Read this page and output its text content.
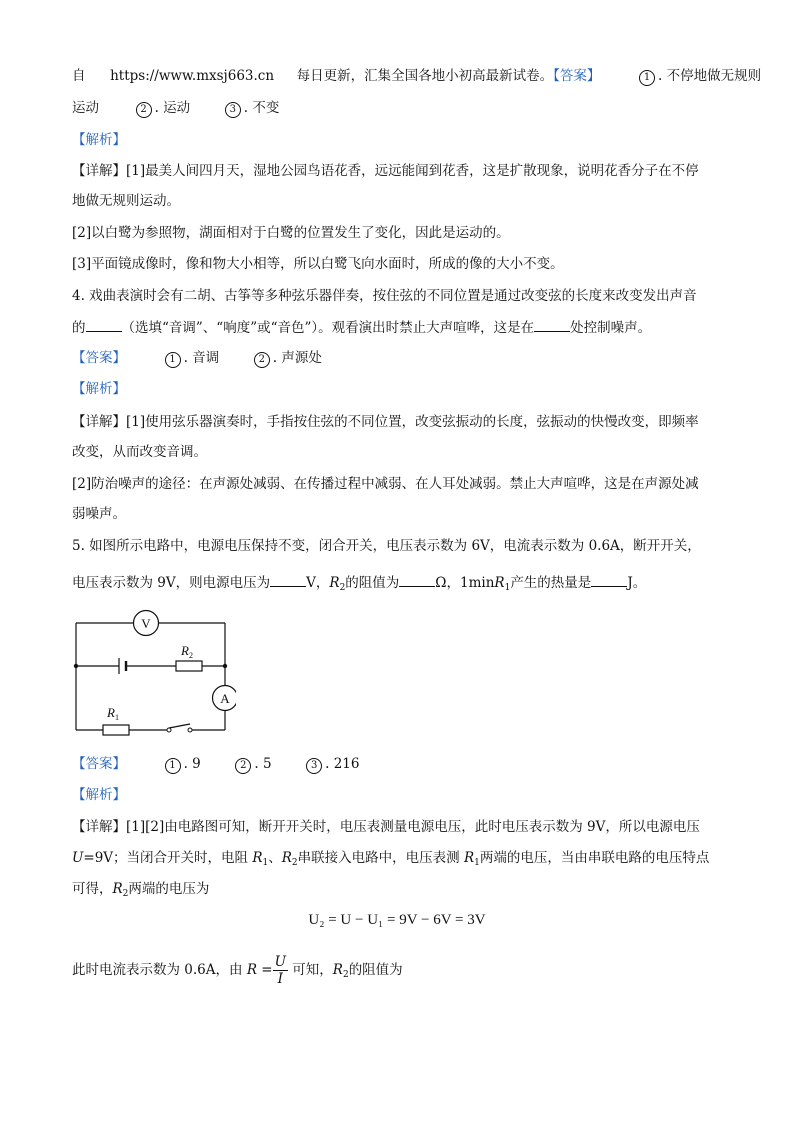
自 https://www.mxsj663.cn 每日更新，汇集全国各地小初高最新试卷。【答案】	1 . 不停地做无规则
运动	2 . 运动	3 . 不变
【解析】
【详解】[1]最美人间四月天，湿地公园鸟语花香，远远能闻到花香，这是扩散现象，说明花香分子在不停
地做无规则运动。
[2]以白鹭为参照物，湖面相对于白鹭的位置发生了变化，因此是运动的。
[3]平面镜成像时，像和物大小相等，所以白鹭飞向水面时，所成的像的大小不变。
4. 戏曲表演时会有二胡、古筝等多种弦乐器伴奏，按住弦的不同位置是通过改变弦的长度来改变发出声音
的	（选填“音调”、“响度”或“音色”）。观看演出时禁止大声喧哗，这是在	处控制噪声。
【答案】	1 . 音调	2 . 声源处
【解析】
【详解】[1]使用弦乐器演奏时，手指按住弦的不同位置，改变弦振动的长度，弦振动的快慢改变，即频率
改变，从而改变音调。
[2]防治噪声的途径：在声源处减弱、在传播过程中减弱、在人耳处减弱。禁止大声喧哗，这是在声源处减
弱噪声。
5. 如图所示电路中，电源电压保持不变，闭合开关，电压表示数为 6V，电流表示数为 0.6A，断开开关，
电压表示数为 9V，则电源电压为	V，$R_2$的阻值为	Ω，1minR$_1$产生的热量是	J。
$R_2$
$R_1$
V
A
【答案】	1 . 9	2 . 5	3 . 216
【解析】
【详解】[1][2]由电路图可知，断开开关时，电压表测量电源电压，此时电压表示数为 9V，所以电源电压
U=9V；当闭合开关时，电阻 $R_1$、$R_2$串联接入电路中，电压表测 $R_1$两端的电压，当由串联电路的电压特点
可得，$R_2$两端的电压为
U₂ = U − U₁ = 9V − 6V = 3V
此时电流表示数为 0.6A，由 $R = \frac{U}{I}$ 可知，$R_2$的阻值为
